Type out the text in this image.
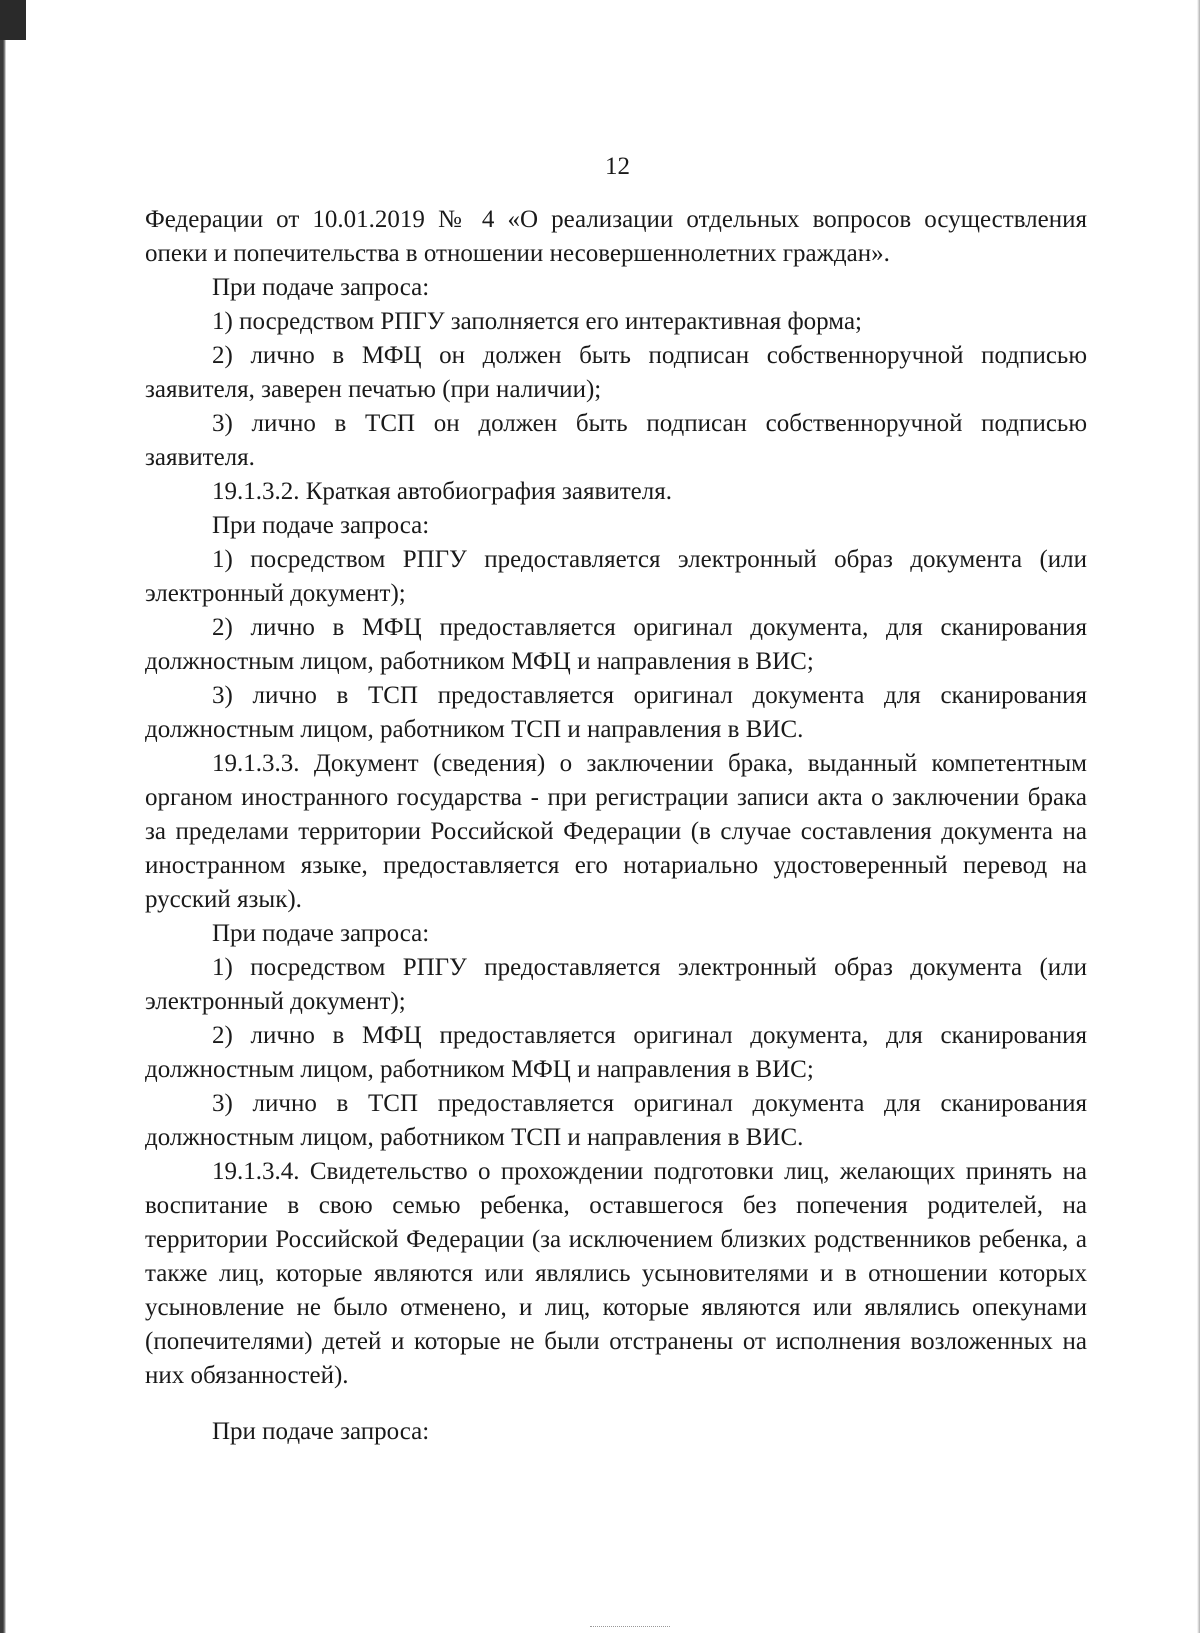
12

Федерации от 10.01.2019 № 4 «О реализации отдельных вопросов осуществления опеки и попечительства в отношении несовершеннолетних граждан».

При подаче запроса:

1) посредством РПГУ заполняется его интерактивная форма;

2) лично в МФЦ он должен быть подписан собственноручной подписью заявителя, заверен печатью (при наличии);

3) лично в ТСП он должен быть подписан собственноручной подписью заявителя.

19.1.3.2. Краткая автобиография заявителя.

При подаче запроса:

1) посредством РПГУ предоставляется электронный образ документа (или электронный документ);

2) лично в МФЦ предоставляется оригинал документа, для сканирования должностным лицом, работником МФЦ и направления в ВИС;

3) лично в ТСП предоставляется оригинал документа для сканирования должностным лицом, работником ТСП и направления в ВИС.

19.1.3.3. Документ (сведения) о заключении брака, выданный компетентным органом иностранного государства - при регистрации записи акта о заключении брака за пределами территории Российской Федерации (в случае составления документа на иностранном языке, предоставляется его нотариально удостоверенный перевод на русский язык).

При подаче запроса:

1) посредством РПГУ предоставляется электронный образ документа (или электронный документ);

2) лично в МФЦ предоставляется оригинал документа, для сканирования должностным лицом, работником МФЦ и направления в ВИС;

3) лично в ТСП предоставляется оригинал документа для сканирования должностным лицом, работником ТСП и направления в ВИС.

19.1.3.4. Свидетельство о прохождении подготовки лиц, желающих принять на воспитание в свою семью ребенка, оставшегося без попечения родителей, на территории Российской Федерации (за исключением близких родственников ребенка, а также лиц, которые являются или являлись усыновителями и в отношении которых усыновление не было отменено, и лиц, которые являются или являлись опекунами (попечителями) детей и которые не были отстранены от исполнения возложенных на них обязанностей).

При подаче запроса:
